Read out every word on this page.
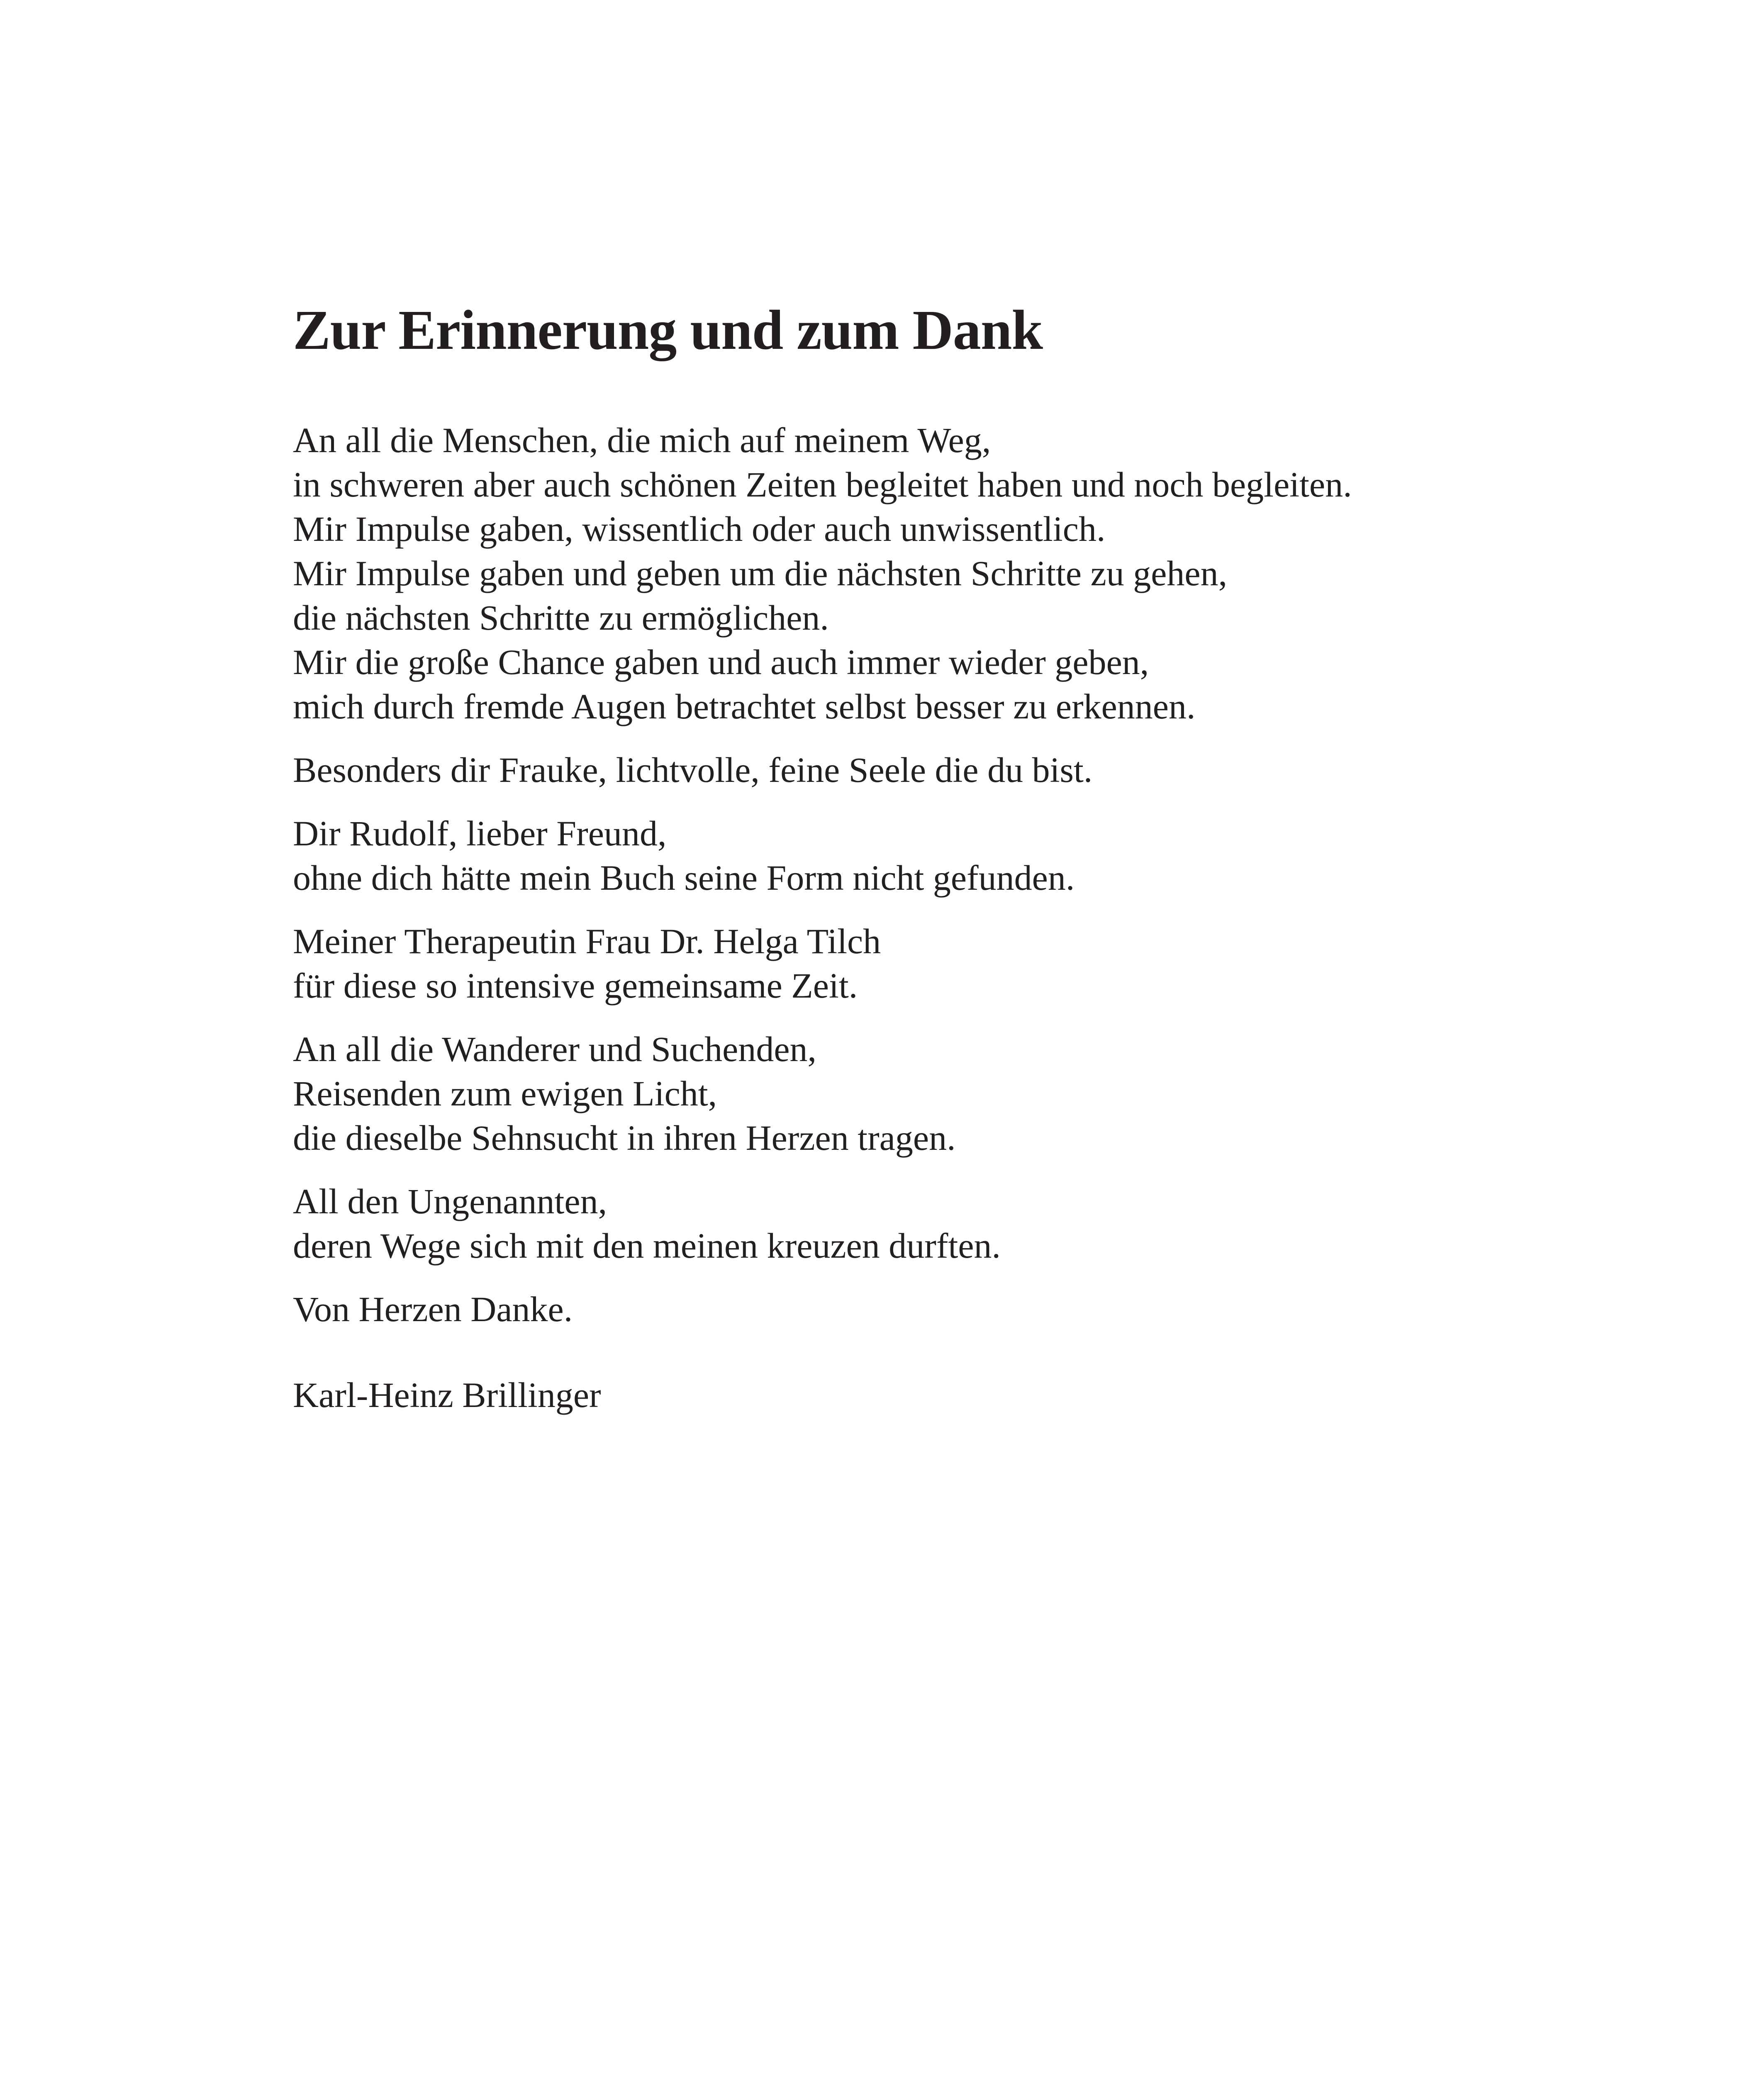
Zur Erinnerung und zum Dank

An all die Menschen, die mich auf meinem Weg,
in schweren aber auch schönen Zeiten begleitet haben und noch begleiten.
Mir Impulse gaben, wissentlich oder auch unwissentlich.
Mir Impulse gaben und geben um die nächsten Schritte zu gehen,
die nächsten Schritte zu ermöglichen.
Mir die große Chance gaben und auch immer wieder geben,
mich durch fremde Augen betrachtet selbst besser zu erkennen.

Besonders dir Frauke, lichtvolle, feine Seele die du bist.

Dir Rudolf, lieber Freund,
ohne dich hätte mein Buch seine Form nicht gefunden.

Meiner Therapeutin Frau Dr. Helga Tilch
für diese so intensive gemeinsame Zeit.

An all die Wanderer und Suchenden,
Reisenden zum ewigen Licht,
die dieselbe Sehnsucht in ihren Herzen tragen.

All den Ungenannten,
deren Wege sich mit den meinen kreuzen durften.

Von Herzen Danke.

Karl-Heinz Brillinger
